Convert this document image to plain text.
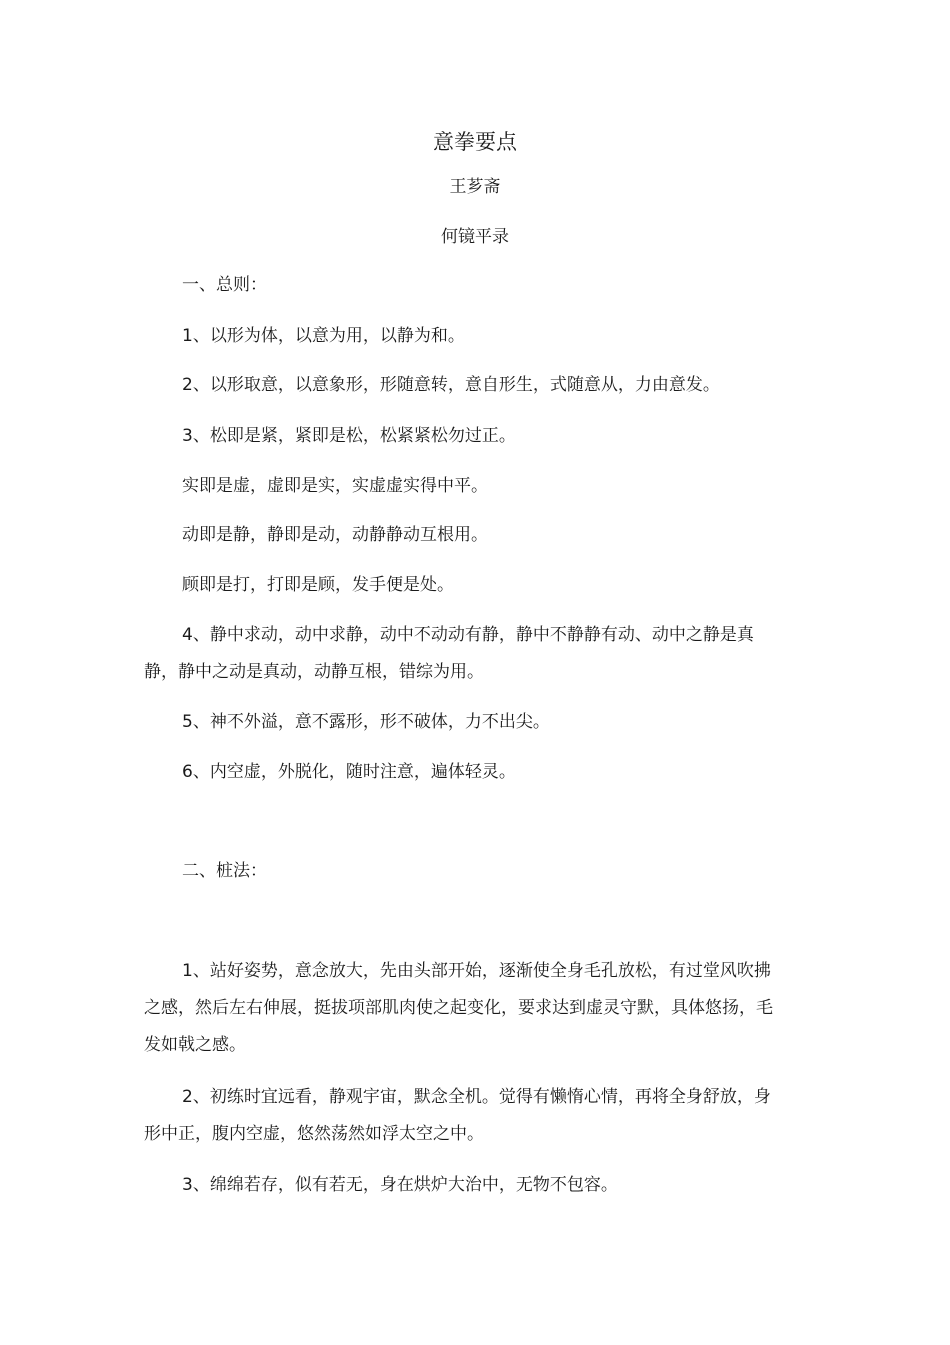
意拳要点
王芗斋
何镜平录
一、总则：
1、以形为体，以意为用，以静为和。
2、以形取意，以意象形，形随意转，意自形生，式随意从，力由意发。
3、松即是紧，紧即是松，松紧紧松勿过正。
实即是虚，虚即是实，实虚虚实得中平。
动即是静，静即是动，动静静动互根用。
顾即是打，打即是顾，发手便是处。
4、静中求动，动中求静，动中不动动有静，静中不静静有动、动中之静是真静，静中之动是真动，动静互根，错综为用。
5、神不外溢，意不露形，形不破体，力不出尖。
6、内空虚，外脱化，随时注意，遍体轻灵。
二、桩法：
1、站好姿势，意念放大，先由头部开始，逐渐使全身毛孔放松，有过堂风吹拂之感，然后左右伸展，挺拔项部肌肉使之起变化，要求达到虚灵守默，具体悠扬，毛发如戟之感。
2、初练时宜远看，静观宇宙，默念全机。觉得有懒惰心情，再将全身舒放，身形中正，腹内空虚，悠然荡然如浮太空之中。
3、绵绵若存，似有若无，身在烘炉大治中，无物不包容。
